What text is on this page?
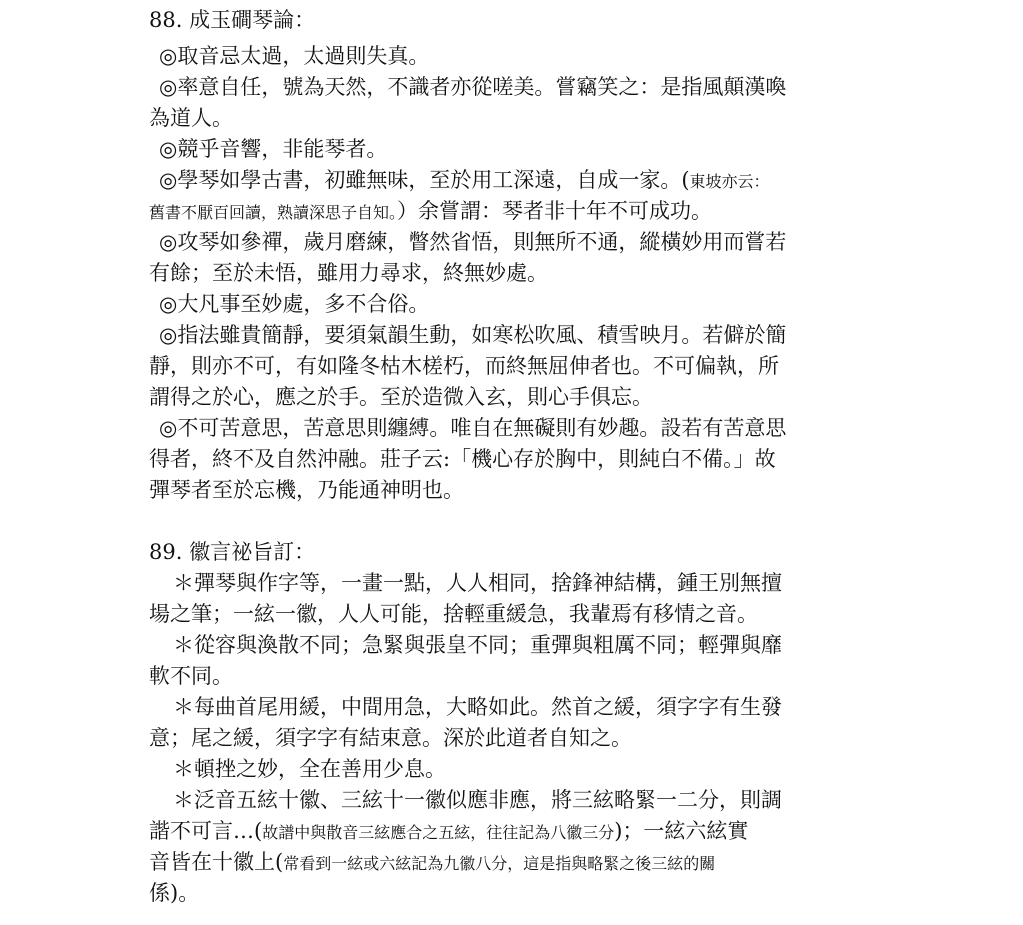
88. 成玉磵琴論：
◎取音忌太過，太過則失真。
◎率意自任，號為天然，不識者亦從嗟美。嘗竊笑之：是指風顛漢喚
為道人。
◎競乎音響，非能琴者。
◎學琴如學古書，初雖無味，至於用工深遠，自成一家。(東坡亦云：
舊書不厭百回讀，熟讀深思子自知。）余嘗謂：琴者非十年不可成功。
◎攻琴如參禪，歲月磨練，瞥然省悟，則無所不通，縱橫妙用而嘗若
有餘；至於未悟，雖用力尋求，終無妙處。
◎大凡事至妙處，多不合俗。
◎指法雖貴簡靜，要須氣韻生動，如寒松吹風、積雪映月。若僻於簡
靜，則亦不可，有如隆冬枯木槎朽，而終無屈伸者也。不可偏執，所
謂得之於心，應之於手。至於造微入玄，則心手俱忘。
◎不可苦意思，苦意思則纏縛。唯自在無礙則有妙趣。設若有苦意思
得者，終不及自然沖融。莊子云:「機心存於胸中，則純白不備。」故
彈琴者至於忘機，乃能通神明也。
89. 徽言祕旨訂：
＊彈琴與作字等，一畫一點，人人相同，捨鋒神結構，鍾王別無擅
場之筆；一絃一徽，人人可能，捨輕重緩急，我輩焉有移情之音。
＊從容與渙散不同；急緊與張皇不同；重彈與粗厲不同；輕彈與靡
軟不同。
＊每曲首尾用緩，中間用急，大略如此。然首之緩，須字字有生發
意；尾之緩，須字字有結束意。深於此道者自知之。
＊頓挫之妙，全在善用少息。
＊泛音五絃十徽、三絃十一徽似應非應，將三絃略緊一二分，則調
諧不可言…(故譜中與散音三絃應合之五絃，往往記為八徽三分)；一絃六絃實
音皆在十徽上(常看到一絃或六絃記為九徽八分，這是指與略緊之後三絃的關
係)。
